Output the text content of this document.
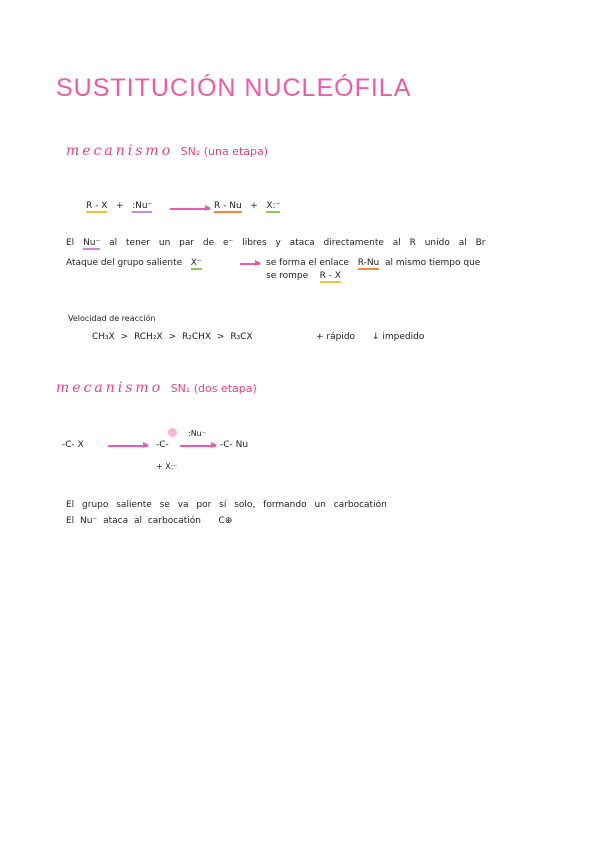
SUSTITUCIÓN NUCLEÓFILA
mecanismo SN₂ (una etapa)
R - X + :Nu⁻ → R - Nu + X:⁻
El Nu⁻ al tener un par de e⁻ libres y ataca directamente al R unido al Br
Ataque del grupo saliente X⁻	se forma el enlace R-Nu al mismo tiempo que
se rompe R - X
Velocidad de reacción
CH₃X > RCH₂X > R₂CHX > R₃CX	+ rápido ↓ impedido
mecanismo SN₁ (dos etapa)
-C- X → -C-
:Nu⁻
→ -C- Nu
+ X:⁻
El grupo saliente se va por sí solo, formando un carbocatión
El Nu⁻ ataca al carbocatión C⊕
